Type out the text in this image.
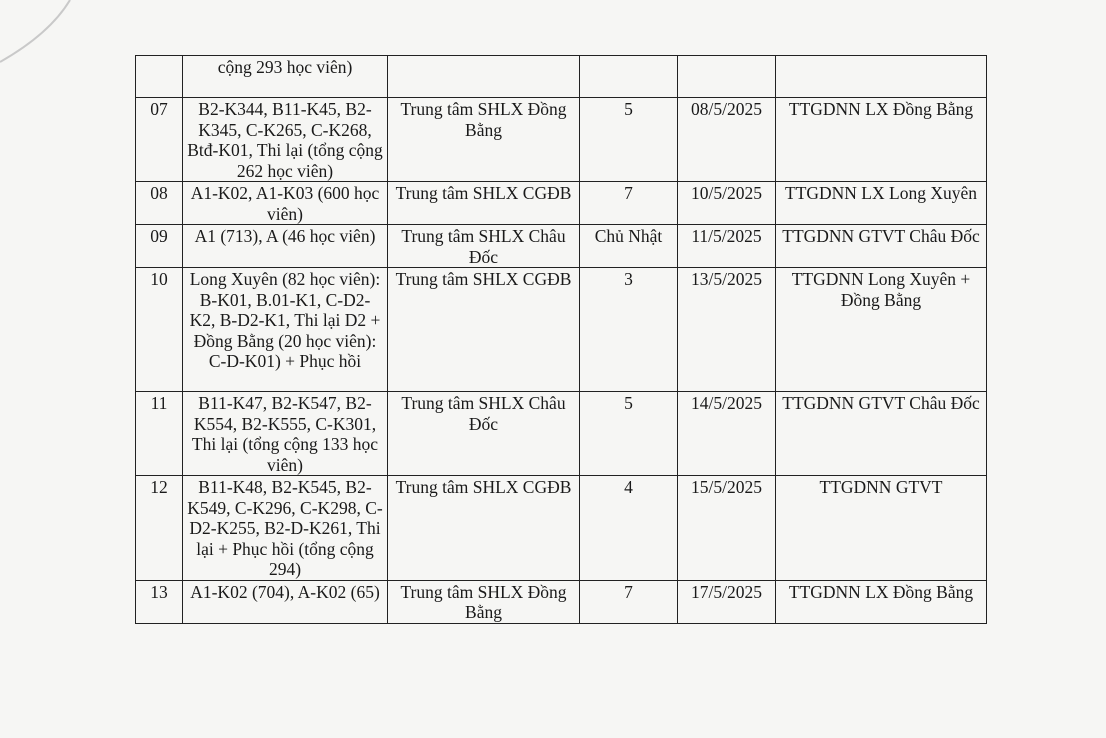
	cộng 293 học viên)				
07	B2-K344, B11-K45, B2-K345, C-K265, C-K268, Btđ-K01, Thi lại (tổng cộng 262 học viên)	Trung tâm SHLX Đồng Bằng	5	08/5/2025	TTGDNN LX Đồng Bằng
08	A1-K02, A1-K03 (600 học viên)	Trung tâm SHLX CGĐB	7	10/5/2025	TTGDNN LX Long Xuyên
09	A1 (713), A (46 học viên)	Trung tâm SHLX Châu Đốc	Chủ Nhật	11/5/2025	TTGDNN GTVT Châu Đốc
10	Long Xuyên (82 học viên): B-K01, B.01-K1, C-D2-K2, B-D2-K1, Thi lại D2 + Đồng Bằng (20 học viên): C-D-K01) + Phục hồi	Trung tâm SHLX CGĐB	3	13/5/2025	TTGDNN Long Xuyên + Đồng Bằng
11	B11-K47, B2-K547, B2-K554, B2-K555, C-K301, Thi lại (tổng cộng 133 học viên)	Trung tâm SHLX Châu Đốc	5	14/5/2025	TTGDNN GTVT Châu Đốc
12	B11-K48, B2-K545, B2-K549, C-K296, C-K298, C-D2-K255, B2-D-K261, Thi lại + Phục hồi (tổng cộng 294)	Trung tâm SHLX CGĐB	4	15/5/2025	TTGDNN GTVT
13	A1-K02 (704), A-K02 (65)	Trung tâm SHLX Đồng Bằng	7	17/5/2025	TTGDNN LX Đồng Bằng
